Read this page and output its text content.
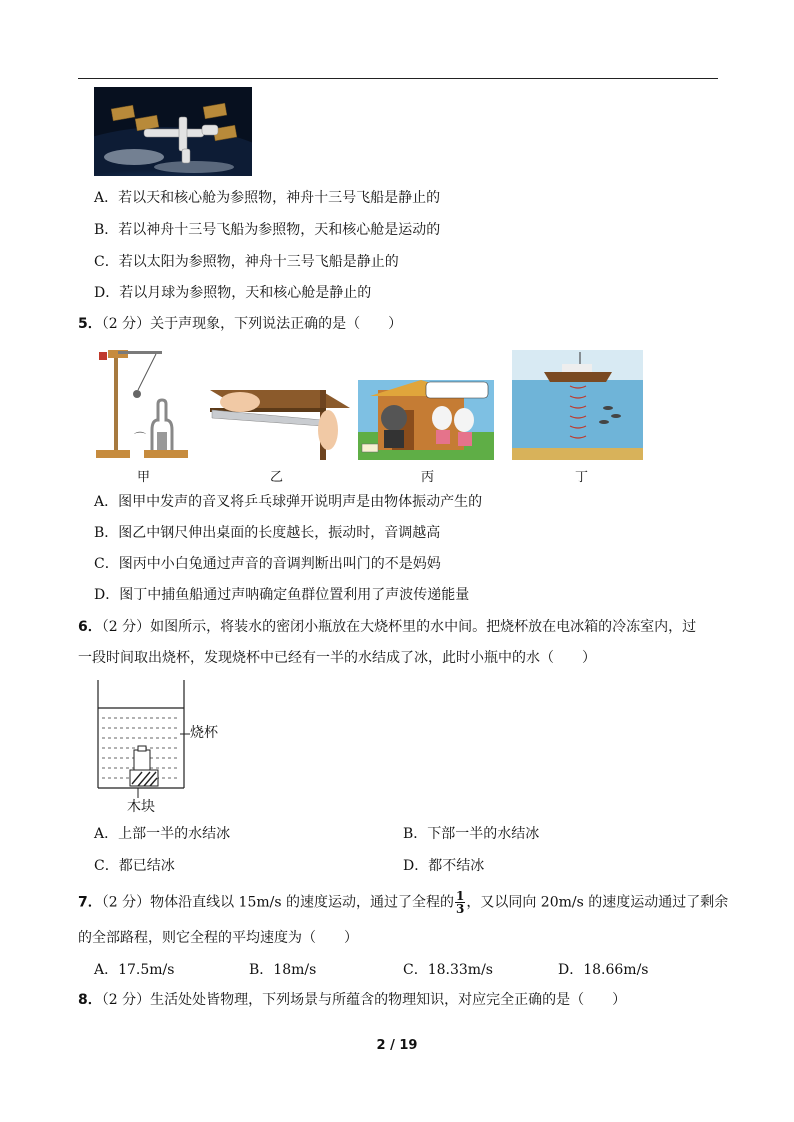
A．若以天和核心舱为参照物，神舟十三号飞船是静止的
B．若以神舟十三号飞船为参照物，天和核心舱是运动的
C．若以太阳为参照物，神舟十三号飞船是静止的
D．若以月球为参照物，天和核心舱是静止的
5．（2 分）关于声现象，下列说法正确的是（　　）
⌒
甲	乙	丙	丁
A．图甲中发声的音叉将乒乓球弹开说明声是由物体振动产生的
B．图乙中钢尺伸出桌面的长度越长，振动时，音调越高
C．图丙中小白兔通过声音的音调判断出叫门的不是妈妈
D．图丁中捕鱼船通过声呐确定鱼群位置利用了声波传递能量
6．（2 分）如图所示，将装水的密闭小瓶放在大烧杯里的水中间。把烧杯放在电冰箱的冷冻室内，过
一段时间取出烧杯，发现烧杯中已经有一半的水结成了冰，此时小瓶中的水（　　）
烧杯
木块
A．上部一半的水结冰	B．下部一半的水结冰
C．都已结冰	D．都不结冰
7．（2 分）物体沿直线以 15m/s 的速度运动，通过了全程的 $\frac{1}{3}$ ，又以同向 20m/s 的速度运动通过了剩余
的全部路程，则它全程的平均速度为（　　）
A．17.5m/s	B．18m/s	C．18.33m/s	D．18.66m/s
8．（2 分）生活处处皆物理，下列场景与所蕴含的物理知识，对应完全正确的是（　　）
2 / 19
